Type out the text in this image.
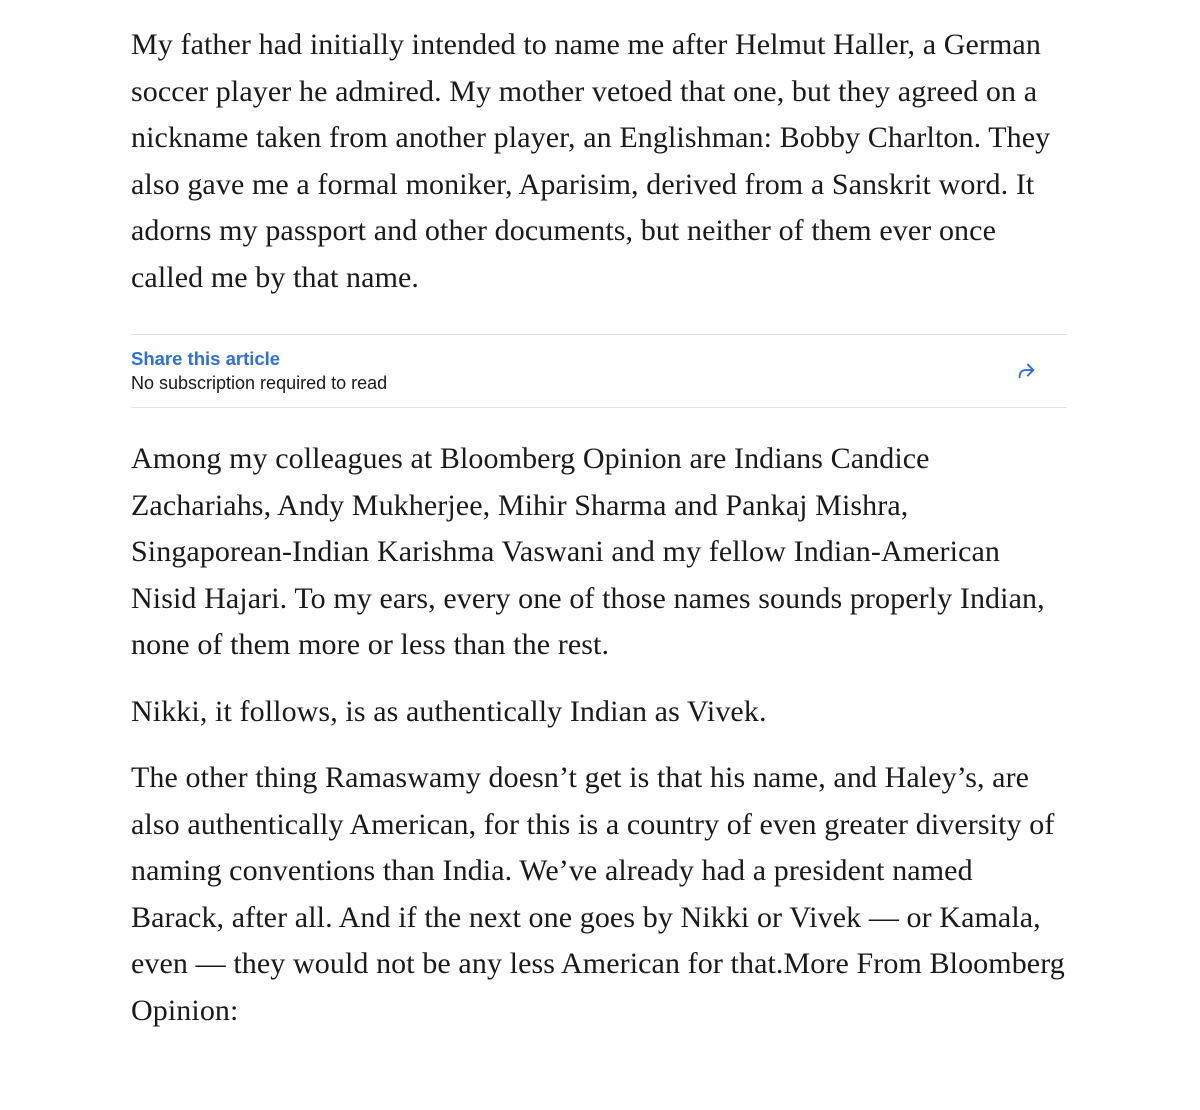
My father had initially intended to name me after Helmut Haller, a German soccer player he admired. My mother vetoed that one, but they agreed on a nickname taken from another player, an Englishman: Bobby Charlton. They also gave me a formal moniker, Aparisim, derived from a Sanskrit word. It adorns my passport and other documents, but neither of them ever once called me by that name.

Share this article
No subscription required to read

Among my colleagues at Bloomberg Opinion are Indians Candice Zachariahs, Andy Mukherjee, Mihir Sharma and Pankaj Mishra, Singaporean-Indian Karishma Vaswani and my fellow Indian-American Nisid Hajari. To my ears, every one of those names sounds properly Indian, none of them more or less than the rest.

Nikki, it follows, is as authentically Indian as Vivek.

The other thing Ramaswamy doesn’t get is that his name, and Haley’s, are also authentically American, for this is a country of even greater diversity of naming conventions than India. We’ve already had a president named Barack, after all. And if the next one goes by Nikki or Vivek — or Kamala, even — they would not be any less American for that.More From Bloomberg Opinion:
